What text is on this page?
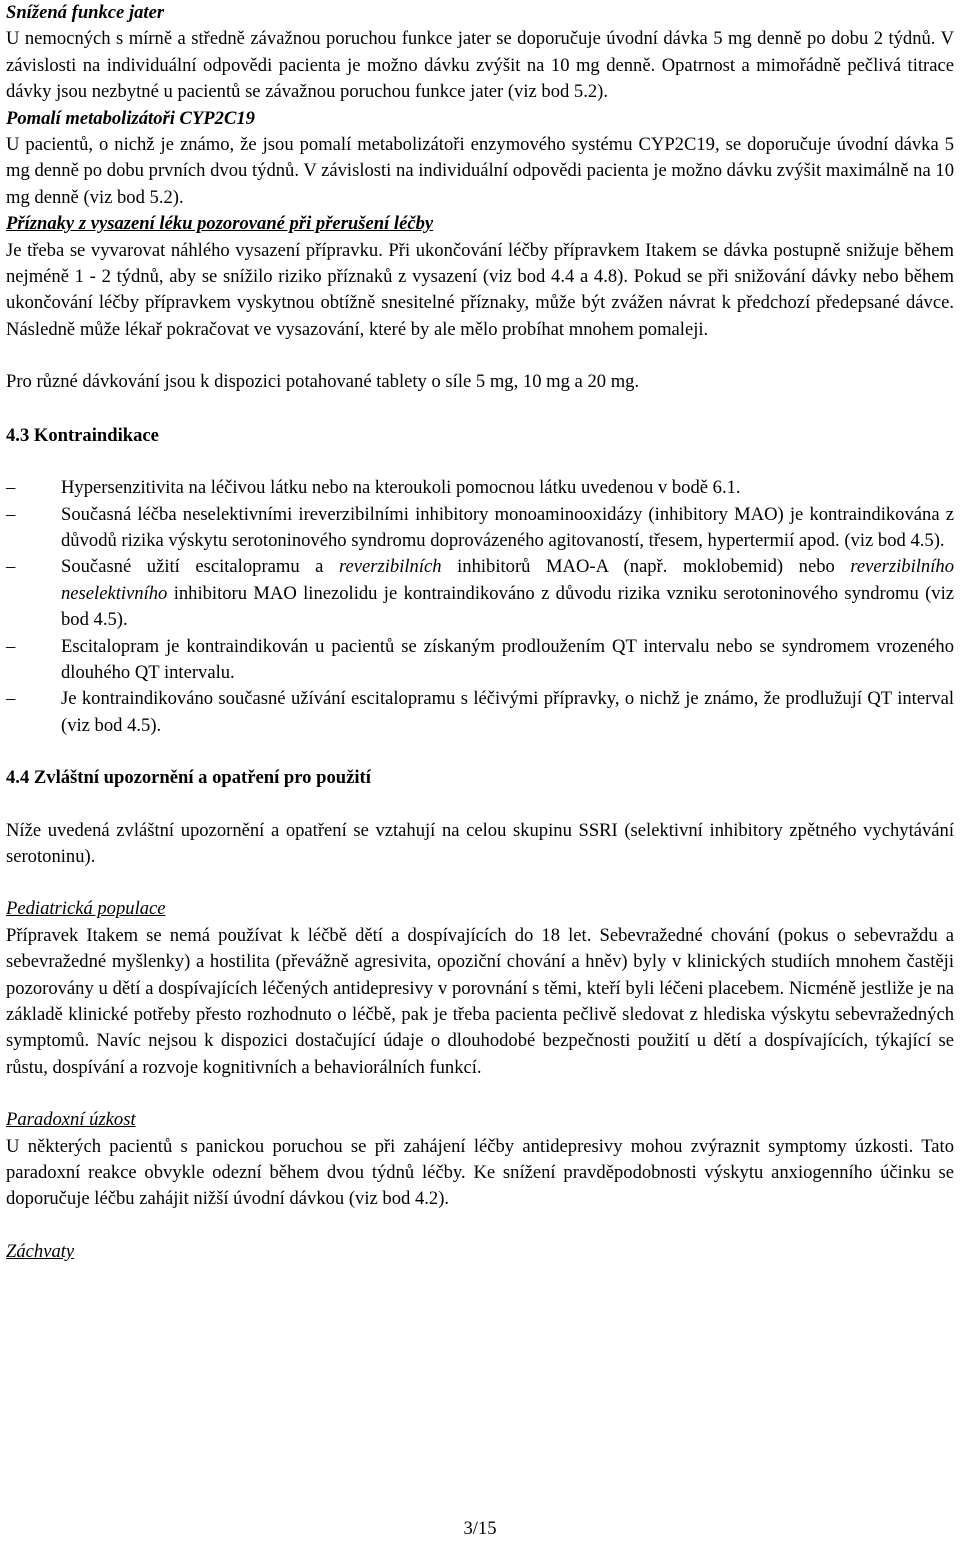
Snížená funkce jater

U nemocných s mírně a středně závažnou poruchou funkce jater se doporučuje úvodní dávka 5 mg denně po dobu 2 týdnů. V závislosti na individuální odpovědi pacienta je možno dávku zvýšit na 10 mg denně. Opatrnost a mimořádně pečlivá titrace dávky jsou nezbytné u pacientů se závažnou poruchou funkce jater (viz bod 5.2).

Pomalí metabolizátoři CYP2C19

U pacientů, o nichž je známo, že jsou pomalí metabolizátoři enzymového systému CYP2C19, se doporučuje úvodní dávka 5 mg denně po dobu prvních dvou týdnů. V závislosti na individuální odpovědi pacienta je možno dávku zvýšit maximálně na 10 mg denně (viz bod 5.2).

Příznaky z vysazení léku pozorované při přerušení léčby

Je třeba se vyvarovat náhlého vysazení přípravku. Při ukončování léčby přípravkem Itakem se dávka postupně snižuje během nejméně 1 - 2 týdnů, aby se snížilo riziko příznaků z vysazení (viz bod 4.4 a 4.8). Pokud se při snižování dávky nebo během ukončování léčby přípravkem vyskytnou obtížně snesitelné příznaky, může být zvážen návrat k předchozí předepsané dávce. Následně může lékař pokračovat ve vysazování, které by ale mělo probíhat mnohem pomaleji.

Pro různé dávkování jsou k dispozici potahované tablety o síle 5 mg, 10 mg a 20 mg.

4.3 Kontraindikace

–	Hypersenzitivita na léčivou látku nebo na kteroukoli pomocnou látku uvedenou v bodě 6.1.
–	Současná léčba neselektivními ireverzibilními inhibitory monoaminooxidázy (inhibitory MAO) je kontraindikována z důvodů rizika výskytu serotoninového syndromu doprovázeného agitovaností, třesem, hypertermií apod. (viz bod 4.5).
–	Současné užití escitalopramu a reverzibilních inhibitorů MAO-A (např. moklobemid) nebo reverzibilního neselektivního inhibitoru MAO linezolidu je kontraindikováno z důvodu rizika vzniku serotoninového syndromu (viz bod 4.5).
–	Escitalopram je kontraindikován u pacientů se získaným prodloužením QT intervalu nebo se syndromem vrozeného dlouhého QT intervalu.
–	Je kontraindikováno současné užívání escitalopramu s léčivými přípravky, o nichž je známo, že prodlužují QT interval (viz bod 4.5).

4.4 Zvláštní upozornění a opatření pro použití

Níže uvedená zvláštní upozornění a opatření se vztahují na celou skupinu SSRI (selektivní inhibitory zpětného vychytávání serotoninu).

Pediatrická populace

Přípravek Itakem se nemá používat k léčbě dětí a dospívajících do 18 let. Sebevražedné chování (pokus o sebevraždu a sebevražedné myšlenky) a hostilita (převážně agresivita, opoziční chování a hněv) byly v klinických studiích mnohem častěji pozorovány u dětí a dospívajících léčených antidepresivy v porovnání s těmi, kteří byli léčeni placebem. Nicméně jestliže je na základě klinické potřeby přesto rozhodnuto o léčbě, pak je třeba pacienta pečlivě sledovat z hlediska výskytu sebevražedných symptomů. Navíc nejsou k dispozici dostačující údaje o dlouhodobé bezpečnosti použití u dětí a dospívajících, týkající se růstu, dospívání a rozvoje kognitivních a behaviorálních funkcí.

Paradoxní úzkost

U některých pacientů s panickou poruchou se při zahájení léčby antidepresivy mohou zvýraznit symptomy úzkosti. Tato paradoxní reakce obvykle odezní během dvou týdnů léčby. Ke snížení pravděpodobnosti výskytu anxiogenního účinku se doporučuje léčbu zahájit nižší úvodní dávkou (viz bod 4.2).

Záchvaty

3/15
